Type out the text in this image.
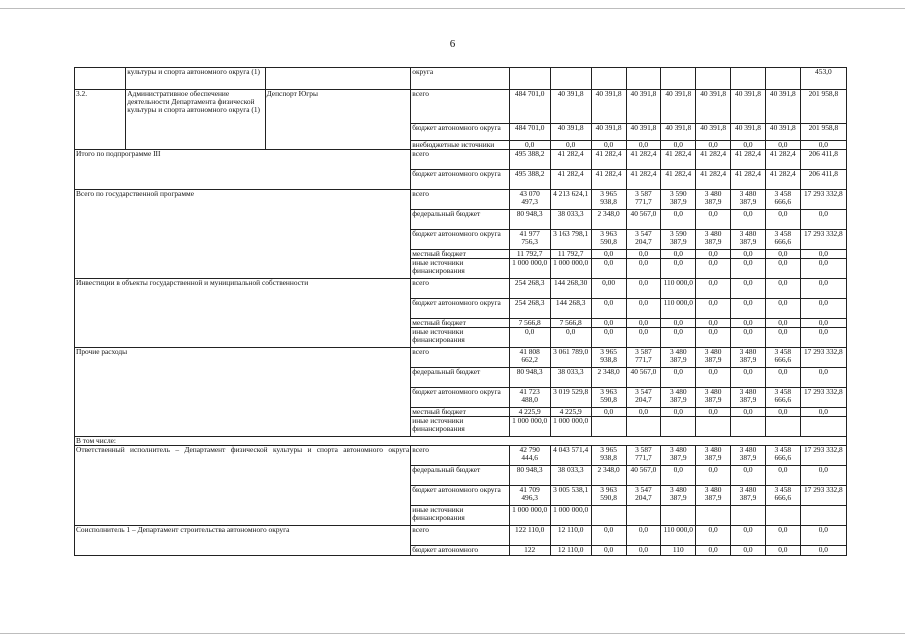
6
	культуры и спорта автономного округа (1)		округа									453,0
3.2.	Административное обеспечение деятельности Департамента физической культуры и спорта автономного округа (1)	Депспорт Югры	всего	484 701,0	40 391,8	40 391,8	40 391,8	40 391,8	40 391,8	40 391,8	40 391,8	201 958,8
			бюджет автономного округа	484 701,0	40 391,8	40 391,8	40 391,8	40 391,8	40 391,8	40 391,8	40 391,8	201 958,8
			внебюджетные источники	0,0	0,0	0,0	0,0	0,0	0,0	0,0	0,0	0,0
Итого по подпрограмме III			всего	495 388,2	41 282,4	41 282,4	41 282,4	41 282,4	41 282,4	41 282,4	41 282,4	206 411,8
			бюджет автономного округа	495 388,2	41 282,4	41 282,4	41 282,4	41 282,4	41 282,4	41 282,4	41 282,4	206 411,8
Всего по государственной программе			всего	43 070 497,3	4 213 624,1	3 965 938,8	3 587 771,7	3 590 387,9	3 480 387,9	3 480 387,9	3 458 666,6	17 293 332,8
			федеральный бюджет	80 948,3	38 033,3	2 348,0	40 567,0	0,0	0,0	0,0	0,0	0,0
			бюджет автономного округа	41 977 756,3	3 163 798,1	3 963 590,8	3 547 204,7	3 590 387,9	3 480 387,9	3 480 387,9	3 458 666,6	17 293 332,8
			местный бюджет	11 792,7	11 792,7	0,0	0,0	0,0	0,0	0,0	0,0	0,0
			иные источники финансирования	1 000 000,0	1 000 000,0	0,0	0,0	0,0	0,0	0,0	0,0	0,0
Инвестиции в объекты государственной и муниципальной собственности			всего	254 268,3	144 268,30	0,00	0,0	110 000,0	0,0	0,0	0,0	0,0
			бюджет автономного округа	254 268,3	144 268,3	0,0	0,0	110 000,0	0,0	0,0	0,0	0,0
			местный бюджет	7 566,8	7 566,8	0,0	0,0	0,0	0,0	0,0	0,0	0,0
			иные источники финансирования	0,0	0,0	0,0	0,0	0,0	0,0	0,0	0,0	0,0
Прочие расходы			всего	41 808 662,2	3 061 789,0	3 965 938,8	3 587 771,7	3 480 387,9	3 480 387,9	3 480 387,9	3 458 666,6	17 293 332,8
			федеральный бюджет	80 948,3	38 033,3	2 348,0	40 567,0	0,0	0,0	0,0	0,0	0,0
			бюджет автономного округа	41 723 488,0	3 019 529,8	3 963 590,8	3 547 204,7	3 480 387,9	3 480 387,9	3 480 387,9	3 458 666,6	17 293 332,8
			местный бюджет	4 225,9	4 225,9	0,0	0,0	0,0	0,0	0,0	0,0	0,0
			иные источники финансирования	1 000 000,0	1 000 000,0							
В том числе:												
Ответственный исполнитель – Департамент физической культуры и спорта автономного округа			всего	42 790 444,6	4 043 571,4	3 965 938,8	3 587 771,7	3 480 387,9	3 480 387,9	3 480 387,9	3 458 666,6	17 293 332,8
			федеральный бюджет	80 948,3	38 033,3	2 348,0	40 567,0	0,0	0,0	0,0	0,0	0,0
			бюджет автономного округа	41 709 496,3	3 005 538,1	3 963 590,8	3 547 204,7	3 480 387,9	3 480 387,9	3 480 387,9	3 458 666,6	17 293 332,8
			иные источники финансирования	1 000 000,0	1 000 000,0							
Соисполнитель 1 – Департамент строительства автономного округа			всего	122 110,0	12 110,0	0,0	0,0	110 000,0	0,0	0,0	0,0	0,0
			бюджет автономного	122	12 110,0	0,0	0,0	110	0,0	0,0	0,0	0,0
